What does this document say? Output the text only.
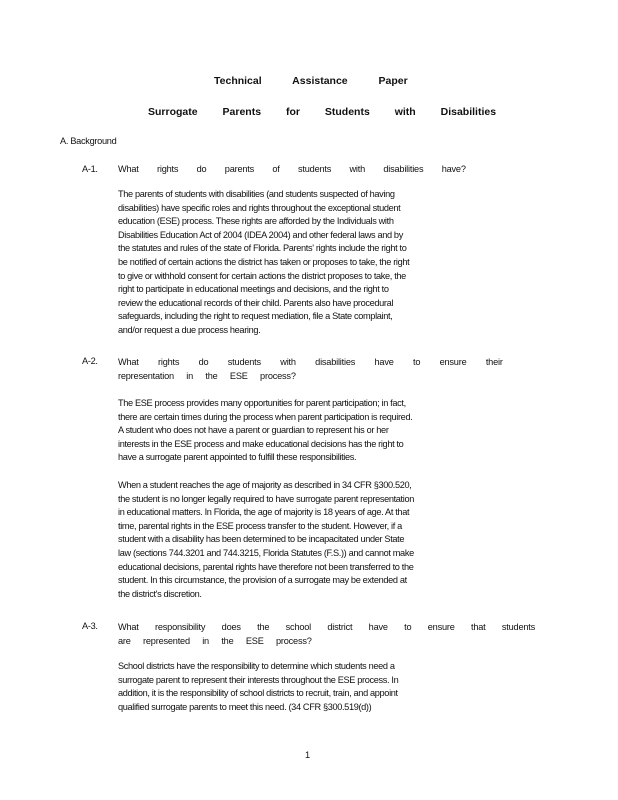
Technical Assistance Paper
Surrogate Parents for Students with Disabilities
A. Background
A-1. What rights do parents of students with disabilities have?
The parents of students with disabilities (and students suspected of having
disabilities) have specific roles and rights throughout the exceptional student
education (ESE) process. These rights are afforded by the Individuals with
Disabilities Education Act of 2004 (IDEA 2004) and other federal laws and by
the statutes and rules of the state of Florida. Parents' rights include the right to
be notified of certain actions the district has taken or proposes to take, the right
to give or withhold consent for certain actions the district proposes to take, the
right to participate in educational meetings and decisions, and the right to
review the educational records of their child. Parents also have procedural
safeguards, including the right to request mediation, file a State complaint,
and/or request a due process hearing.
A-2. What rights do students with disabilities have to ensure their
representation in the ESE process?
The ESE process provides many opportunities for parent participation; in fact,
there are certain times during the process when parent participation is required.
A student who does not have a parent or guardian to represent his or her
interests in the ESE process and make educational decisions has the right to
have a surrogate parent appointed to fulfill these responsibilities.
When a student reaches the age of majority as described in 34 CFR §300.520,
the student is no longer legally required to have surrogate parent representation
in educational matters. In Florida, the age of majority is 18 years of age. At that
time, parental rights in the ESE process transfer to the student. However, if a
student with a disability has been determined to be incapacitated under State
law (sections 744.3201 and 744.3215, Florida Statutes (F.S.)) and cannot make
educational decisions, parental rights have therefore not been transferred to the
student. In this circumstance, the provision of a surrogate may be extended at
the district's discretion.
A-3. What responsibility does the school district have to ensure that students
are represented in the ESE process?
School districts have the responsibility to determine which students need a
surrogate parent to represent their interests throughout the ESE process. In
addition, it is the responsibility of school districts to recruit, train, and appoint
qualified surrogate parents to meet this need. (34 CFR §300.519(d))
1
